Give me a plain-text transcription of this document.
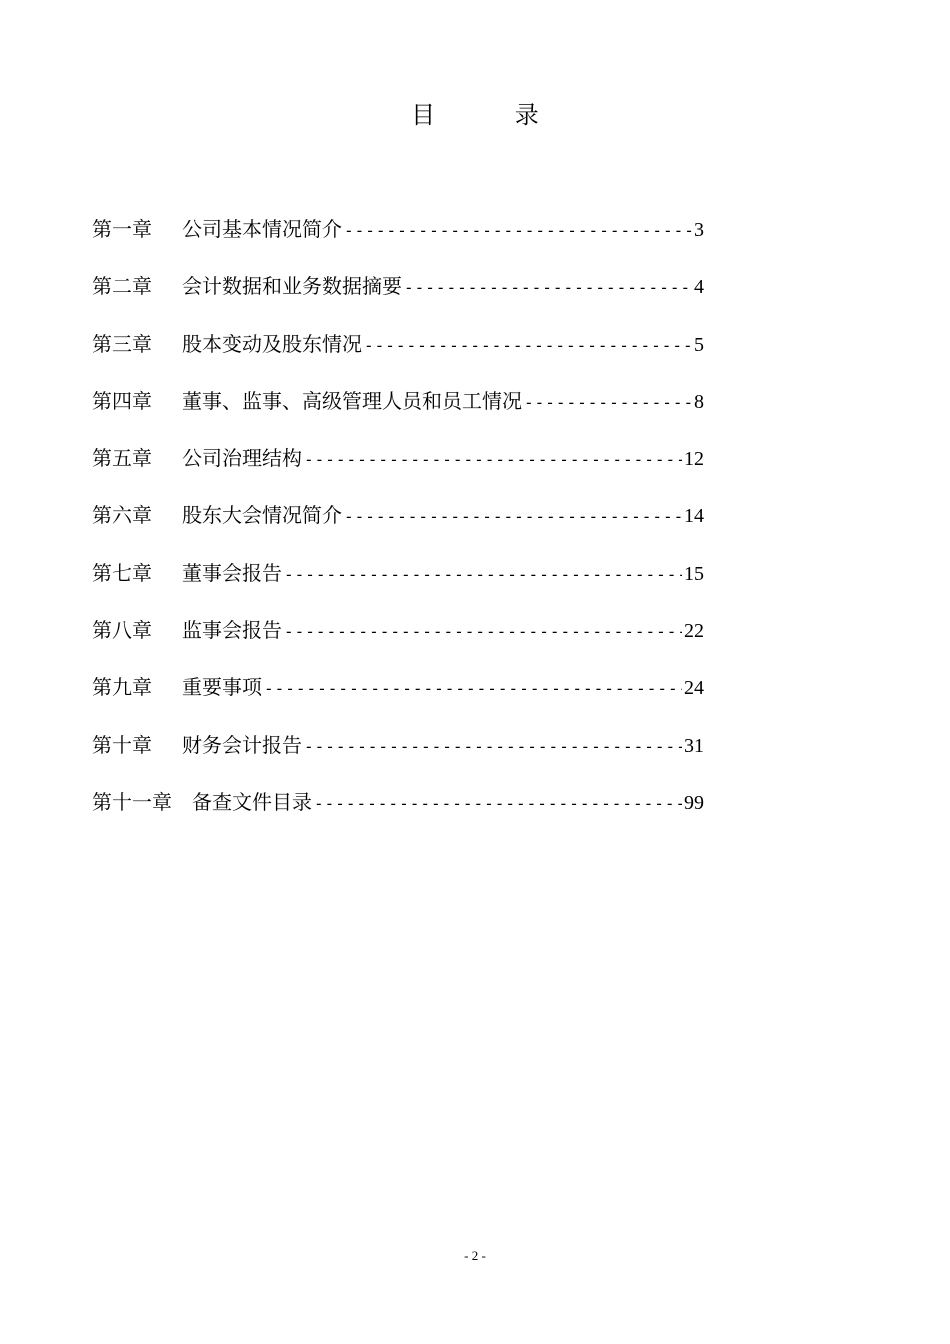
目 录
第一章	公司基本情况简介 -----	3
第二章	会计数据和业务数据摘要 -----	4
第三章	股本变动及股东情况 -----	5
第四章	董事、监事、高级管理人员和员工情况 -----	8
第五章	公司治理结构 -----	12
第六章	股东大会情况简介 -----	14
第七章	董事会报告 -----	15
第八章	监事会报告 -----	22
第九章	重要事项 -----	24
第十章	财务会计报告 -----	31
第十一章	备查文件目录 -----	99
- 2 -
